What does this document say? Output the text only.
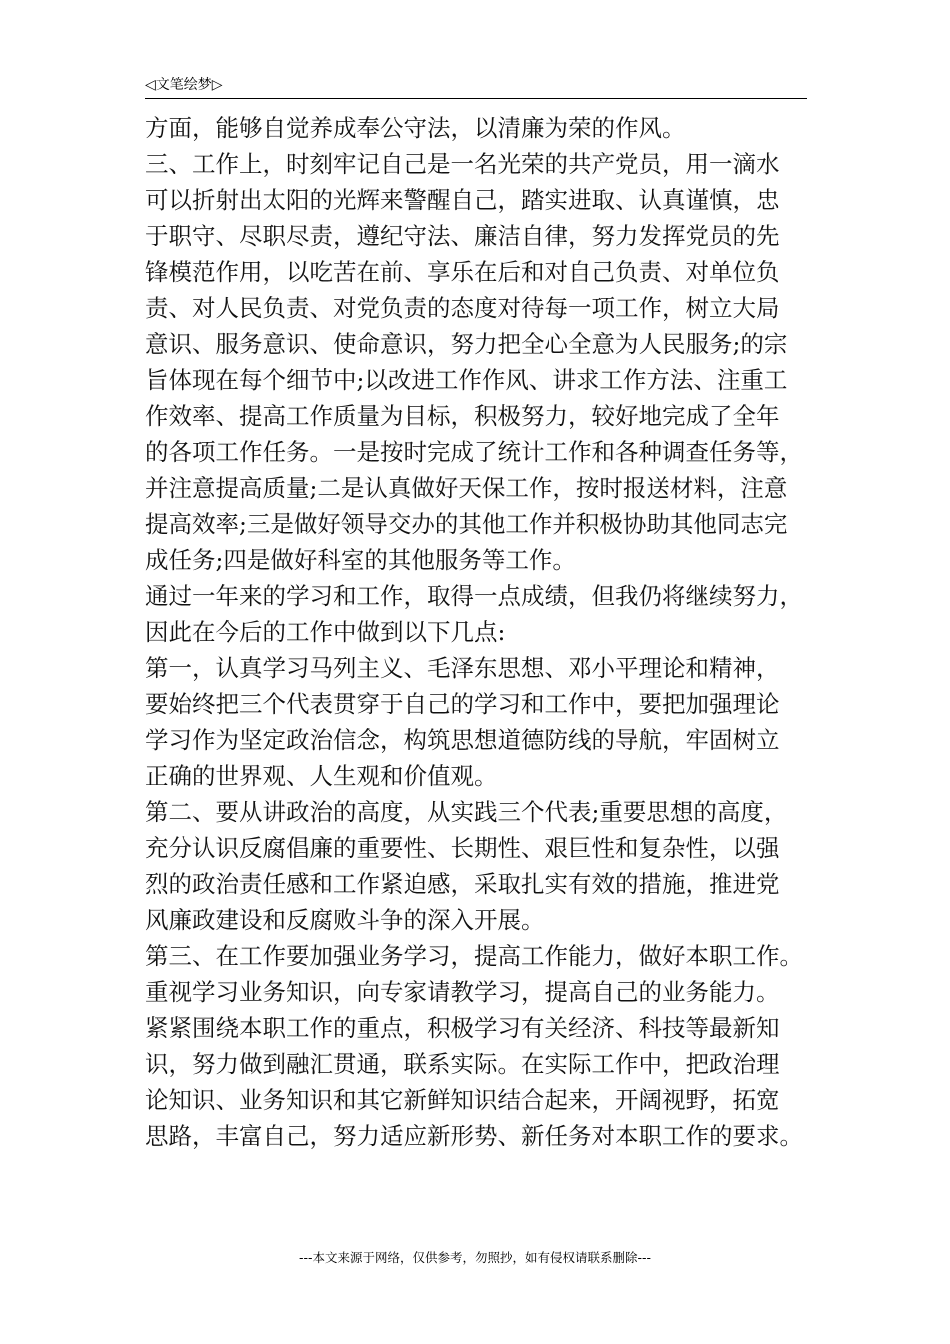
◁文笔绘梦▷
方面，能够自觉养成奉公守法，以清廉为荣的作风。
三、工作上，时刻牢记自己是一名光荣的共产党员，用一滴水
可以折射出太阳的光辉来警醒自己，踏实进取、认真谨慎，忠
于职守、尽职尽责，遵纪守法、廉洁自律，努力发挥党员的先
锋模范作用，以吃苦在前、享乐在后和对自己负责、对单位负
责、对人民负责、对党负责的态度对待每一项工作，树立大局
意识、服务意识、使命意识，努力把全心全意为人民服务;的宗
旨体现在每个细节中;以改进工作作风、讲求工作方法、注重工
作效率、提高工作质量为目标，积极努力，较好地完成了全年
的各项工作任务。一是按时完成了统计工作和各种调查任务等，
并注意提高质量;二是认真做好天保工作，按时报送材料，注意
提高效率;三是做好领导交办的其他工作并积极协助其他同志完
成任务;四是做好科室的其他服务等工作。
通过一年来的学习和工作，取得一点成绩，但我仍将继续努力，
因此在今后的工作中做到以下几点:
第一，认真学习马列主义、毛泽东思想、邓小平理论和精神，
要始终把三个代表贯穿于自己的学习和工作中，要把加强理论
学习作为坚定政治信念，构筑思想道德防线的导航，牢固树立
正确的世界观、人生观和价值观。
第二、要从讲政治的高度，从实践三个代表;重要思想的高度，
充分认识反腐倡廉的重要性、长期性、艰巨性和复杂性，以强
烈的政治责任感和工作紧迫感，采取扎实有效的措施，推进党
风廉政建设和反腐败斗争的深入开展。
第三、在工作要加强业务学习，提高工作能力，做好本职工作。
重视学习业务知识，向专家请教学习，提高自己的业务能力。
紧紧围绕本职工作的重点，积极学习有关经济、科技等最新知
识，努力做到融汇贯通，联系实际。在实际工作中，把政治理
论知识、业务知识和其它新鲜知识结合起来，开阔视野，拓宽
思路，丰富自己，努力适应新形势、新任务对本职工作的要求。
---本文来源于网络，仅供参考，勿照抄，如有侵权请联系删除---
